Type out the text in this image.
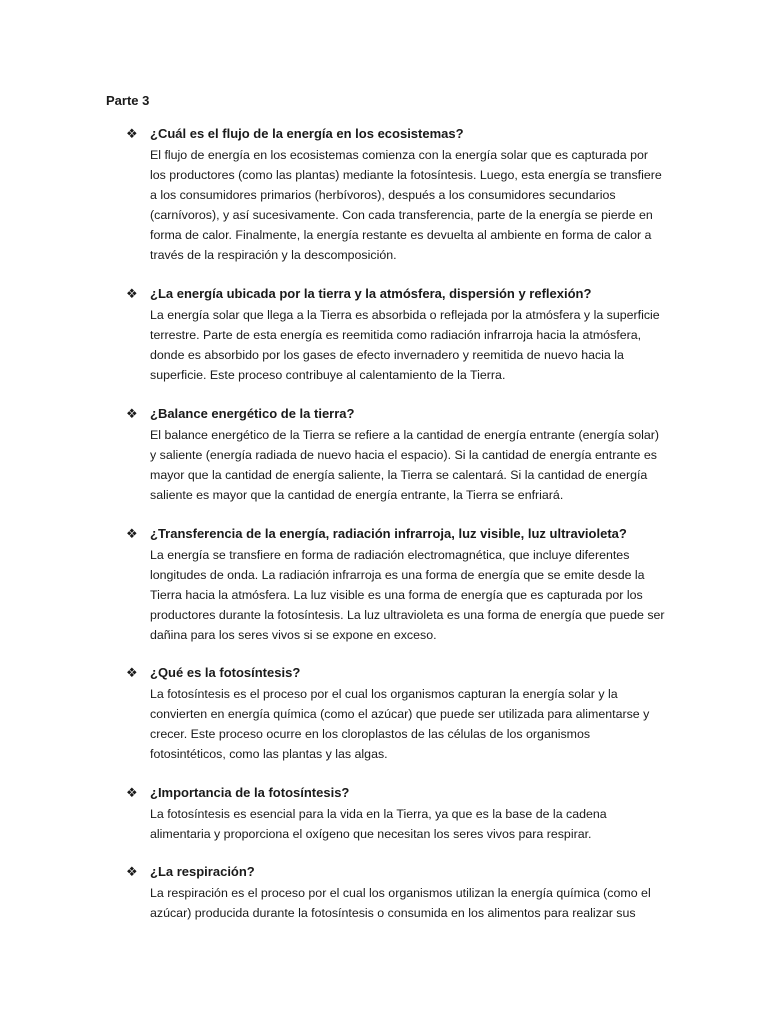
Parte 3
❖ ¿Cuál es el flujo de la energía en los ecosistemas?
El flujo de energía en los ecosistemas comienza con la energía solar que es capturada por los productores (como las plantas) mediante la fotosíntesis. Luego, esta energía se transfiere a los consumidores primarios (herbívoros), después a los consumidores secundarios (carnívoros), y así sucesivamente. Con cada transferencia, parte de la energía se pierde en forma de calor. Finalmente, la energía restante es devuelta al ambiente en forma de calor a través de la respiración y la descomposición.
❖ ¿La energía ubicada por la tierra y la atmósfera, dispersión y reflexión?
La energía solar que llega a la Tierra es absorbida o reflejada por la atmósfera y la superficie terrestre. Parte de esta energía es reemitida como radiación infrarroja hacia la atmósfera, donde es absorbido por los gases de efecto invernadero y reemitida de nuevo hacia la superficie. Este proceso contribuye al calentamiento de la Tierra.
❖ ¿Balance energético de la tierra?
El balance energético de la Tierra se refiere a la cantidad de energía entrante (energía solar) y saliente (energía radiada de nuevo hacia el espacio). Si la cantidad de energía entrante es mayor que la cantidad de energía saliente, la Tierra se calentará. Si la cantidad de energía saliente es mayor que la cantidad de energía entrante, la Tierra se enfriará.
❖ ¿Transferencia de la energía, radiación infrarroja, luz visible, luz ultravioleta?
La energía se transfiere en forma de radiación electromagnética, que incluye diferentes longitudes de onda. La radiación infrarroja es una forma de energía que se emite desde la Tierra hacia la atmósfera. La luz visible es una forma de energía que es capturada por los productores durante la fotosíntesis. La luz ultravioleta es una forma de energía que puede ser dañina para los seres vivos si se expone en exceso.
❖ ¿Qué es la fotosíntesis?
La fotosíntesis es el proceso por el cual los organismos capturan la energía solar y la convierten en energía química (como el azúcar) que puede ser utilizada para alimentarse y crecer. Este proceso ocurre en los cloroplastos de las células de los organismos fotosintéticos, como las plantas y las algas.
❖ ¿Importancia de la fotosíntesis?
La fotosíntesis es esencial para la vida en la Tierra, ya que es la base de la cadena alimentaria y proporciona el oxígeno que necesitan los seres vivos para respirar.
❖ ¿La respiración?
La respiración es el proceso por el cual los organismos utilizan la energía química (como el azúcar) producida durante la fotosíntesis o consumida en los alimentos para realizar sus
